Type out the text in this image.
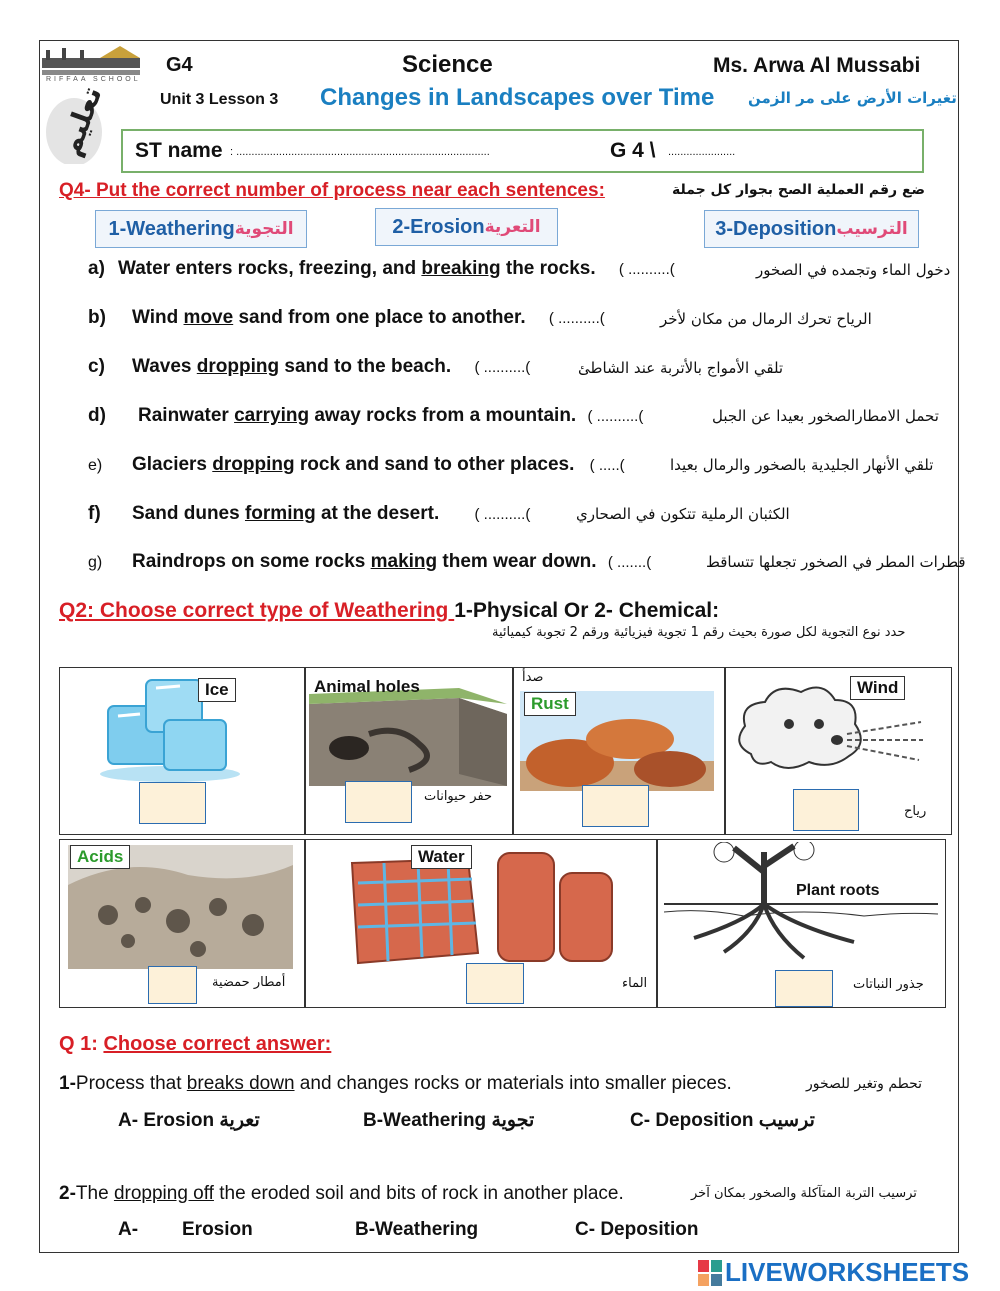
RIFFAA SCHOOL
تعليم
G4	Science	Ms. Arwa Al Mussabi
Unit 3 Lesson 3 Changes in Landscapes over Time تغيرات الأرض على مر الزمن
ST name : ...................................................................................	G 4 \ ......................
Q4- Put the correct number of process near each sentences:	ضع رقم العملية الصح بجوار كل جملة
1-Weathering التجوية	2-Erosion التعرية	3-Deposition الترسيب
a) Water enters rocks, freezing, and breaking the rocks. ( ..........(	دخول الماء وتجمده في الصخور
b) Wind move sand from one place to another. ( ..........(	الرياح تحرك الرمال من مكان لأخر
c) Waves dropping sand to the beach. ( ..........(	تلقي الأمواج بالأتربة عند الشاطئ
d) Rainwater carrying away rocks from a mountain. ( ..........(	تحمل الامطارالصخور بعيدا عن الجبل
e) Glaciers dropping rock and sand to other places. ( .....(	تلقي الأنهار الجليدية بالصخور والرمال بعيدا
f) Sand dunes forming at the desert. ( ..........(	الكثبان الرملية تتكون في الصحاري
g) Raindrops on some rocks making them wear down. ( .......(	قطرات المطر في الصخور تجعلها تتساقط
Q2: Choose correct type of Weathering 1-Physical Or 2- Chemical:
حدد نوع التجوية لكل صورة بحيث رقم 1 تجوية فيزيائية ورقم 2 تجوبة كيميائية
Ice	Animal holes
حفر حيوانات
صدأ
Rust
Wind
رياح
Acids
أمطار حمضية
Water
الماء
Plant roots
جذور النباتات
Q 1: Choose correct answer:
1-Process that breaks down and changes rocks or materials into smaller pieces.	تحطم وتغير للصخور
A- Erosion تعرية	B-Weathering تجوية	C- Deposition ترسيب
2-The dropping off the eroded soil and bits of rock in another place.	ترسيب التربة المتآكلة والصخور بمكان آخر
A- Erosion	B-Weathering	C- Deposition
LIVEWORKSHEETS
